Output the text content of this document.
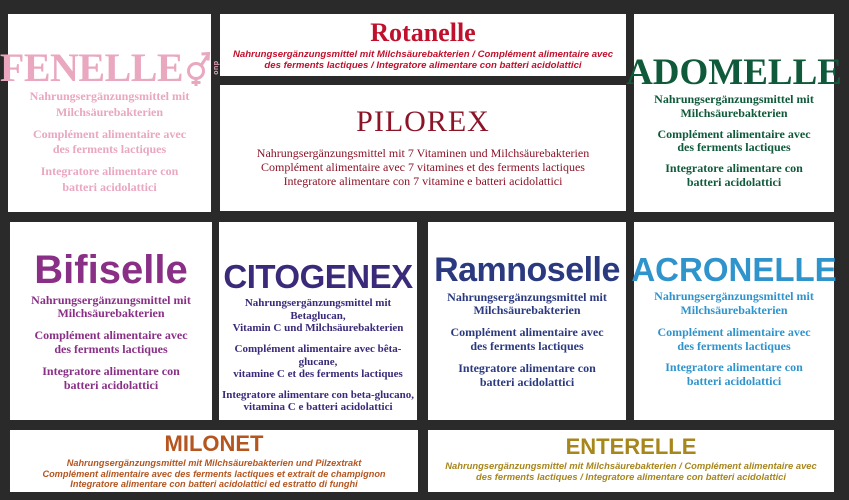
FENELLE	duo
Nahrungsergänzungsmittel mit
Milchsäurebakterien
Complément alimentaire avec
des ferments lactiques
Integratore alimentare con
batteri acidolattici
Rotanelle
Nahrungsergänzungsmittel mit Milchsäurebakterien / Complément alimentaire avec
des ferments lactiques / Integratore alimentare con batteri acidolattici
PILOREX
Nahrungsergänzungsmittel mit 7 Vitaminen und Milchsäurebakterien
Complément alimentaire avec 7 vitamines et des ferments lactiques
Integratore alimentare con 7 vitamine e batteri acidolattici
ADOMELLE
Nahrungsergänzungsmittel mit
Milchsäurebakterien
Complément alimentaire avec
des ferments lactiques
Integratore alimentare con
batteri acidolattici
Bifiselle
Nahrungsergänzungsmittel mit
Milchsäurebakterien
Complément alimentaire avec
des ferments lactiques
Integratore alimentare con
batteri acidolattici
CITOGENEX
Nahrungsergänzungsmittel mit Betaglucan,
Vitamin C und Milchsäurebakterien
Complément alimentaire avec bêta-glucane,
vitamine C et des ferments lactiques
Integratore alimentare con beta-glucano,
vitamina C e batteri acidolattici
Ramnoselle
Nahrungsergänzungsmittel mit
Milchsäurebakterien
Complément alimentaire avec
des ferments lactiques
Integratore alimentare con
batteri acidolattici
ACRONELLE
Nahrungsergänzungsmittel mit
Milchsäurebakterien
Complément alimentaire avec
des ferments lactiques
Integratore alimentare con
batteri acidolattici
MILONET
Nahrungsergänzungsmittel mit Milchsäurebakterien und Pilzextrakt
Complément alimentaire avec des ferments lactiques et extrait de champignon
Integratore alimentare con batteri acidolattici ed estratto di funghi
ENTERELLE
Nahrungsergänzungsmittel mit Milchsäurebakterien / Complément alimentaire avec
des ferments lactiques / Integratore alimentare con batteri acidolattici
